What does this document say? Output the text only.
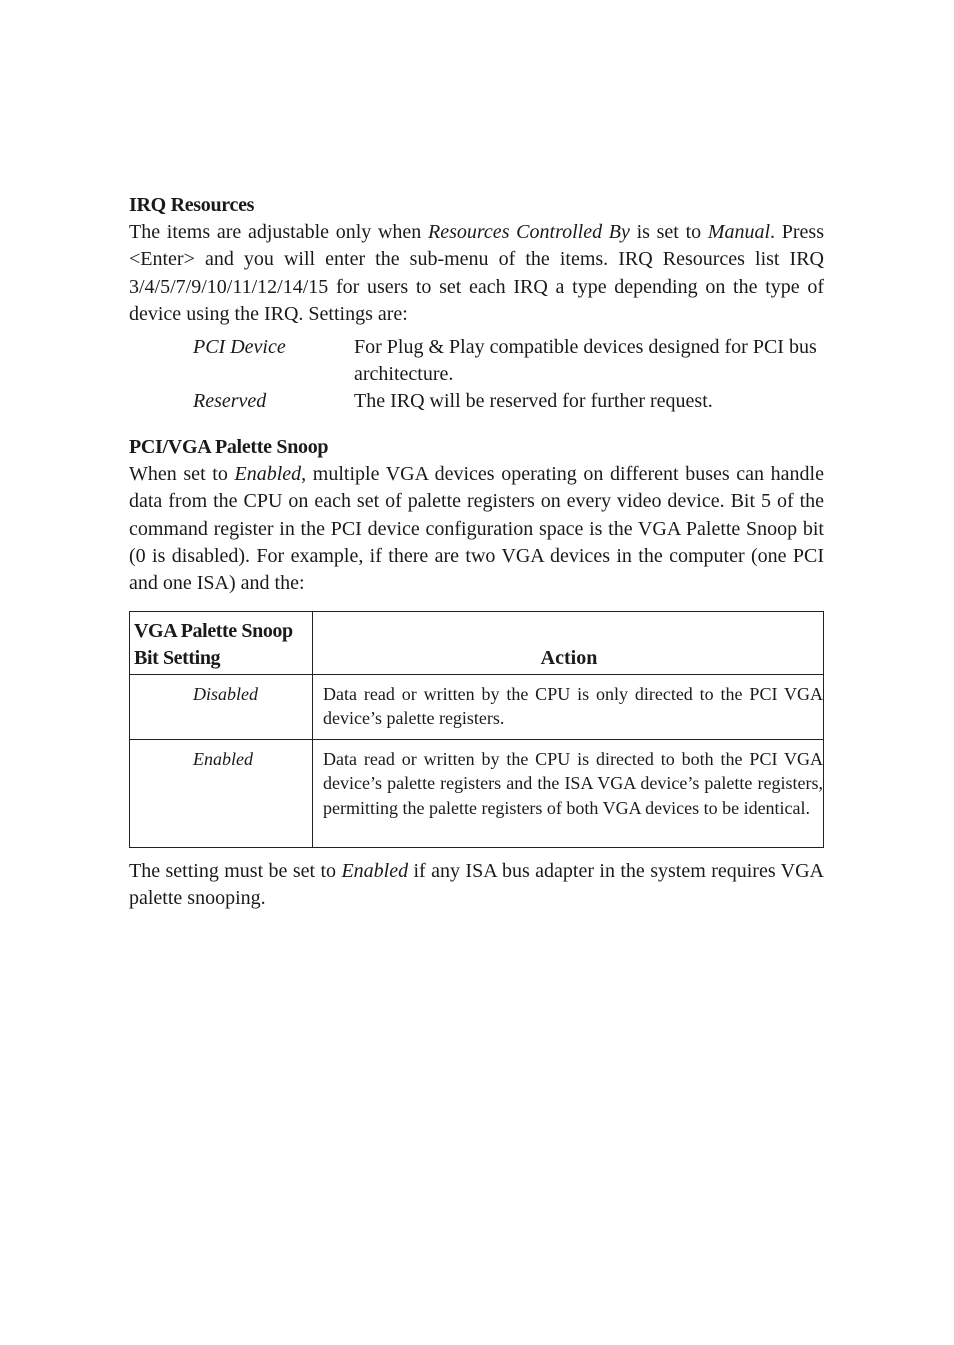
IRQ Resources

The items are adjustable only when Resources Controlled By is set to Manual. Press <Enter> and you will enter the sub-menu of the items. IRQ Resources list IRQ 3/4/5/7/9/10/11/12/14/15 for users to set each IRQ a type depending on the type of device using the IRQ. Settings are:

PCI Device	For Plug & Play compatible devices designed for PCI bus architecture.
Reserved	The IRQ will be reserved for further request.
PCI/VGA Palette Snoop

When set to Enabled, multiple VGA devices operating on different buses can handle data from the CPU on each set of palette registers on every video device. Bit 5 of the command register in the PCI device configuration space is the VGA Palette Snoop bit (0 is disabled). For example, if there are two VGA devices in the computer (one PCI and one ISA) and the:

VGA Palette Snoop
Bit Setting	Action
Disabled	Data read or written by the CPU is only directed to the PCI VGA device’s palette registers.
Enabled	Data read or written by the CPU is directed to both the PCI VGA device’s palette registers and the ISA VGA device’s palette registers, permitting the palette registers of both VGA devices to be identical.

The setting must be set to Enabled if any ISA bus adapter in the system requires VGA palette snooping.
